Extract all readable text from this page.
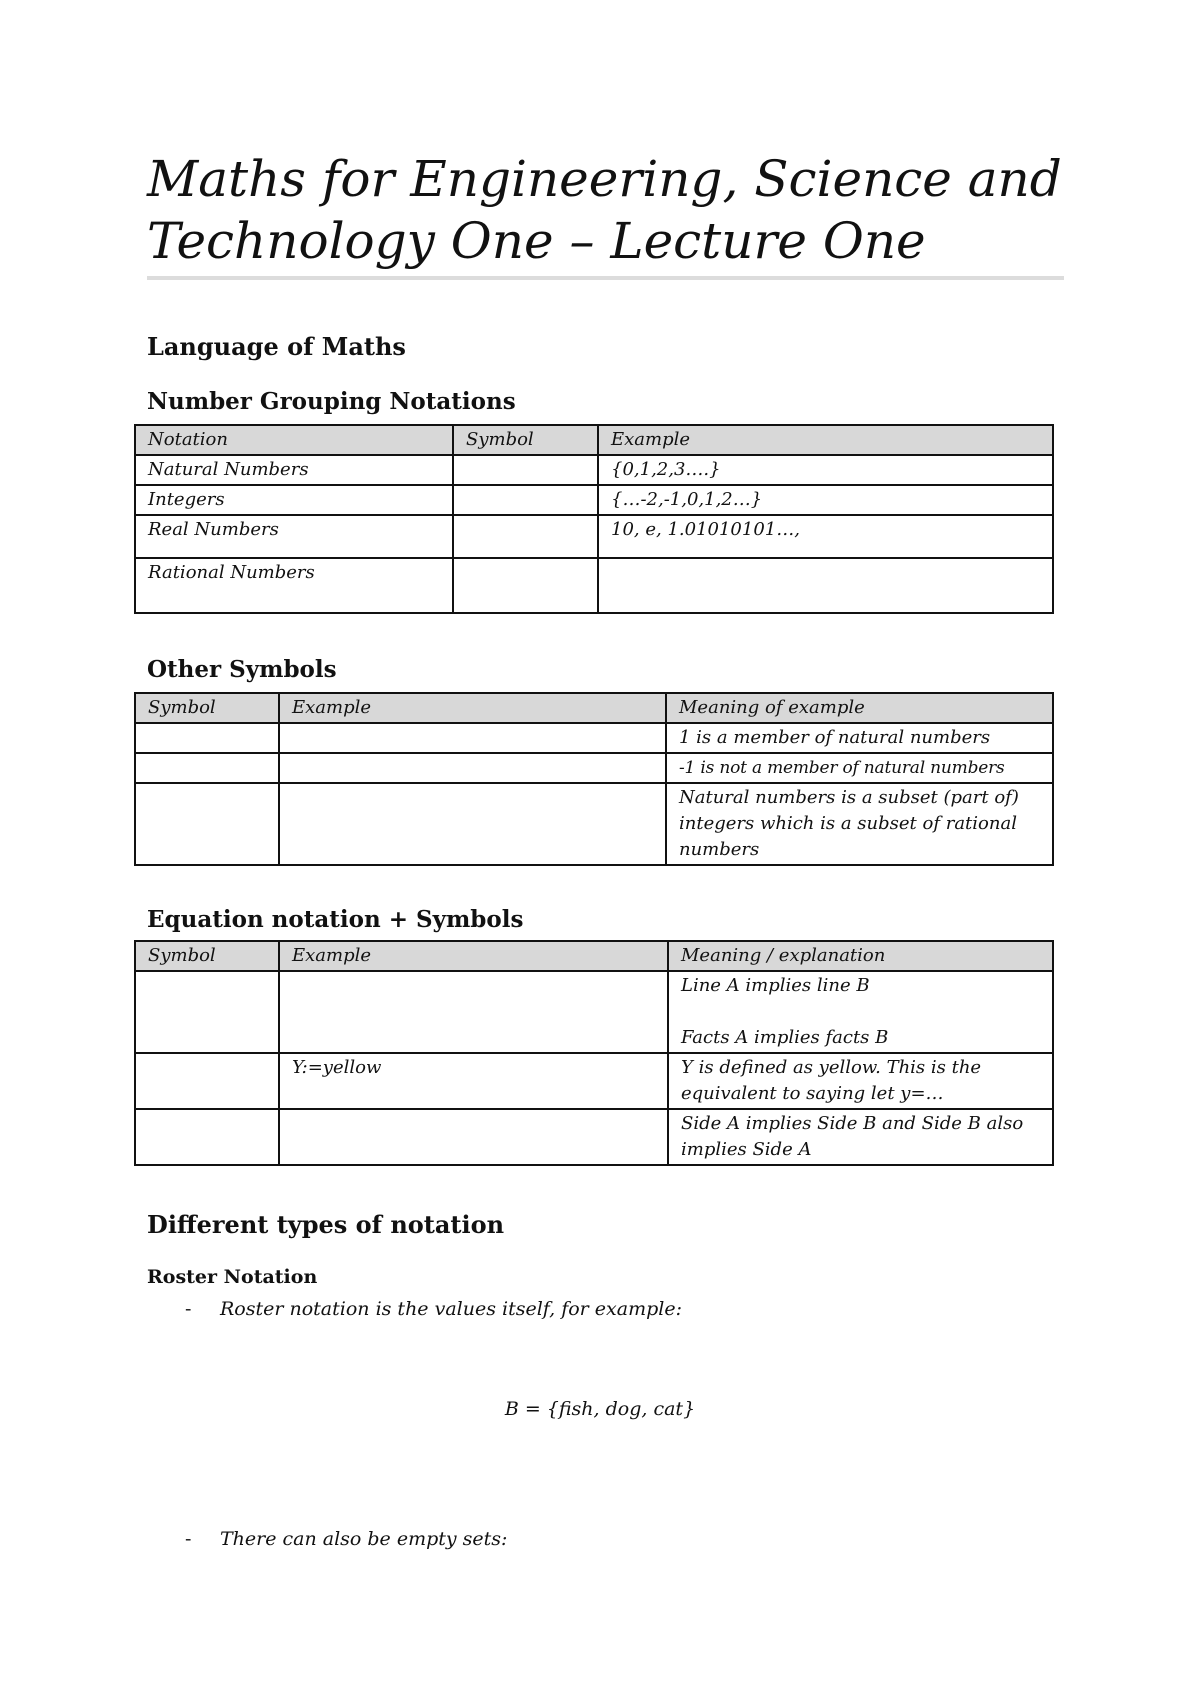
Maths for Engineering, Science and
Technology One – Lecture One
Language of Maths
Number Grouping Notations
Notation	Symbol	Example
Natural Numbers		{0,1,2,3….}
Integers		{…-2,-1,0,1,2…}
Real Numbers		10, e, 1.01010101…,
Rational Numbers		
Other Symbols
Symbol	Example	Meaning of example
		1 is a member of natural numbers
		-1 is not a member of natural numbers
		Natural numbers is a subset (part of) integers which is a subset of rational numbers
Equation notation + Symbols
Symbol	Example	Meaning / explanation

		Line A implies line B
Facts A implies facts B

	Y:=yellow	Y is defined as yellow. This is the equivalent to saying let y=…
		Side A implies Side B and Side B also implies Side A
Different types of notation
Roster Notation
- Roster notation is the values itself, for example:
B = {fish, dog, cat}
- There can also be empty sets:
